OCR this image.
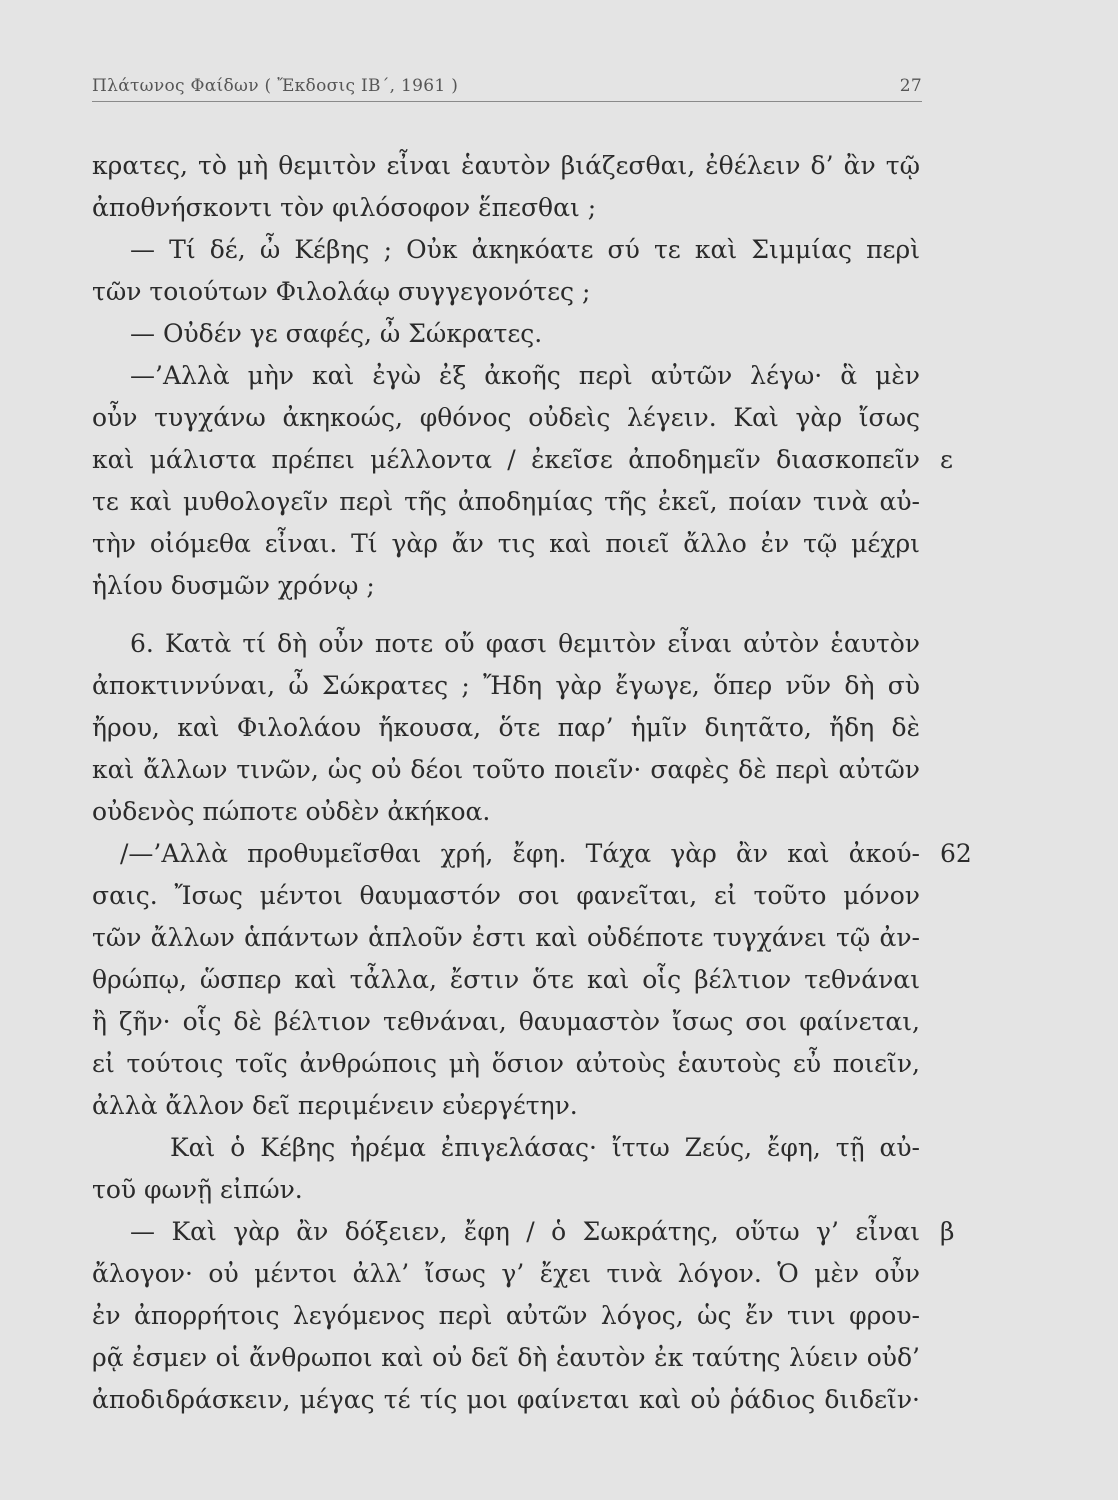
Πλάτωνος Φαίδων ( Ἔκδοσις ΙΒ΄, 1961 )	27
κρατες, τὸ μὴ θεμιτὸν εἶναι ἑαυτὸν βιάζεσθαι, ἐθέλειν δ’ ἂν τῷ
ἀποθνήσκοντι τὸν φιλόσοφον ἕπεσθαι ;
— Τί δέ, ὦ Κέβης ; Οὐκ ἀκηκόατε σύ τε καὶ Σιμμίας περὶ
τῶν τοιούτων Φιλολάῳ συγγεγονότες ;
— Οὐδέν γε σαφές, ὦ Σώκρατες.
—’Αλλὰ μὴν καὶ ἐγὼ ἐξ ἀκοῆς περὶ αὐτῶν λέγω· ἃ μὲν
οὖν τυγχάνω ἀκηκοώς, φθόνος οὐδεὶς λέγειν. Καὶ γὰρ ἴσως
καὶ μάλιστα πρέπει μέλλοντα / ἐκεῖσε ἀποδημεῖν διασκοπεῖν ε
τε καὶ μυθολογεῖν περὶ τῆς ἀποδημίας τῆς ἐκεῖ, ποίαν τινὰ αὐ-
τὴν οἰόμεθα εἶναι. Τί γὰρ ἄν τις καὶ ποιεῖ ἄλλο ἐν τῷ μέχρι
ἡλίου δυσμῶν χρόνῳ ;
6. Κατὰ τί δὴ οὖν ποτε οὔ φασι θεμιτὸν εἶναι αὐτὸν ἑαυτὸν
ἀποκτιννύναι, ὦ Σώκρατες ; Ἤδη γὰρ ἔγωγε, ὅπερ νῦν δὴ σὺ
ἤρου, καὶ Φιλολάου ἤκουσα, ὅτε παρ’ ἡμῖν διητᾶτο, ἤδη δὲ
καὶ ἄλλων τινῶν, ὡς οὐ δέοι τοῦτο ποιεῖν· σαφὲς δὲ περὶ αὐτῶν
οὐδενὸς πώποτε οὐδὲν ἀκήκοα.
/—’Αλλὰ προθυμεῖσθαι χρή, ἔφη. Τάχα γὰρ ἂν καὶ ἀκού- 62
σαις. Ἴσως μέντοι θαυμαστόν σοι φανεῖται, εἰ τοῦτο μόνον
τῶν ἄλλων ἁπάντων ἁπλοῦν ἐστι καὶ οὐδέποτε τυγχάνει τῷ ἀν-
θρώπῳ, ὥσπερ καὶ τἆλλα, ἔστιν ὅτε καὶ οἷς βέλτιον τεθνάναι
ἢ ζῆν· οἷς δὲ βέλτιον τεθνάναι, θαυμαστὸν ἴσως σοι φαίνεται,
εἰ τούτοις τοῖς ἀνθρώποις μὴ ὅσιον αὐτοὺς ἑαυτοὺς εὖ ποιεῖν,
ἀλλὰ ἄλλον δεῖ περιμένειν εὐεργέτην.
Καὶ ὁ Κέβης ἠρέμα ἐπιγελάσας· ἴττω Ζεύς, ἔφη, τῇ αὐ-
τοῦ φωνῇ εἰπών.
— Καὶ γὰρ ἂν δόξειεν, ἔφη / ὁ Σωκράτης, οὕτω γ’ εἶναι β
ἄλογον· οὐ μέντοι ἀλλ’ ἴσως γ’ ἔχει τινὰ λόγον. Ὁ μὲν οὖν
ἐν ἀπορρήτοις λεγόμενος περὶ αὐτῶν λόγος, ὡς ἔν τινι φρου-
ρᾷ ἐσμεν οἱ ἄνθρωποι καὶ οὐ δεῖ δὴ ἑαυτὸν ἐκ ταύτης λύειν οὐδ’
ἀποδιδράσκειν, μέγας τέ τίς μοι φαίνεται καὶ οὐ ῥάδιος διιδεῖν·
